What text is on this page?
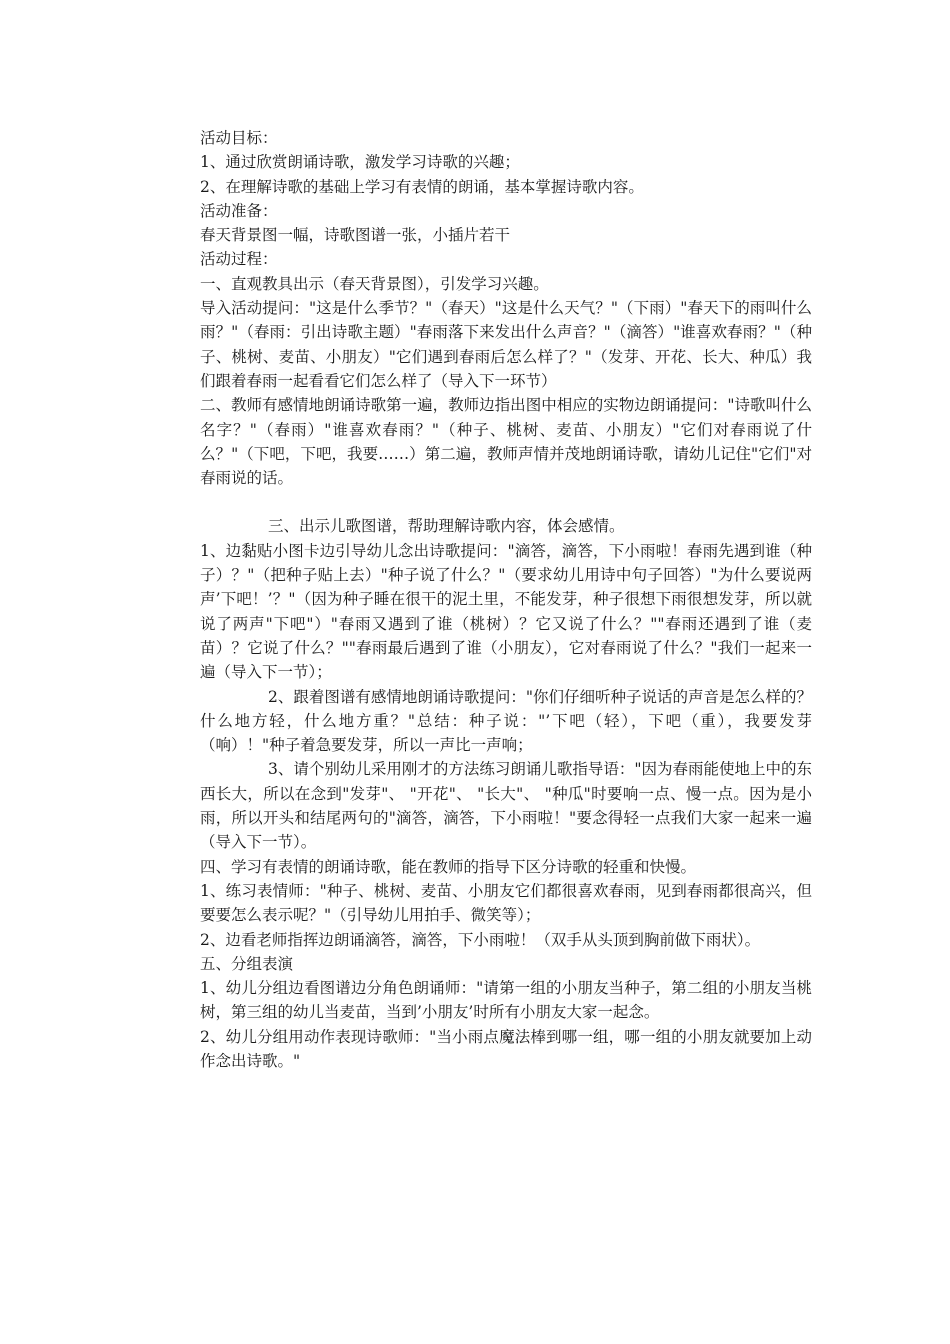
活动目标：

1、通过欣赏朗诵诗歌，激发学习诗歌的兴趣；

2、在理解诗歌的基础上学习有表情的朗诵，基本掌握诗歌内容。

活动准备：

春天背景图一幅，诗歌图谱一张，小插片若干

活动过程：

一、直观教具出示（春天背景图），引发学习兴趣。

导入活动提问："这是什么季节？"（春天）"这是什么天气？"（下雨）"春天下的雨叫什么雨？"（春雨：引出诗歌主题）"春雨落下来发出什么声音？"（滴答）"谁喜欢春雨？"（种子、桃树、麦苗、小朋友）"它们遇到春雨后怎么样了？"（发芽、开花、长大、种瓜）我们跟着春雨一起看看它们怎么样了（导入下一环节）

二、教师有感情地朗诵诗歌第一遍，教师边指出图中相应的实物边朗诵提问："诗歌叫什么名字？"（春雨）"谁喜欢春雨？"（种子、桃树、麦苗、小朋友）"它们对春雨说了什么？"（下吧，下吧，我要……）第二遍，教师声情并茂地朗诵诗歌，请幼儿记住"它们"对春雨说的话。

三、出示儿歌图谱，帮助理解诗歌内容，体会感情。

1、边黏贴小图卡边引导幼儿念出诗歌提问："滴答，滴答，下小雨啦！春雨先遇到谁（种子）？"（把种子贴上去）"种子说了什么？"（要求幼儿用诗中句子回答）"为什么要说两声’下吧！’？"（因为种子睡在很干的泥土里，不能发芽，种子很想下雨很想发芽，所以就说了两声"下吧"）"春雨又遇到了谁（桃树）？它又说了什么？""春雨还遇到了谁（麦苗）？它说了什么？""春雨最后遇到了谁（小朋友），它对春雨说了什么？"我们一起来一遍（导入下一节）；

2、跟着图谱有感情地朗诵诗歌提问："你们仔细听种子说话的声音是怎么样的？什么地方轻，什么地方重？"总结：种子说："’下吧（轻），下吧（重），我要发芽（响）！"种子着急要发芽，所以一声比一声响；

3、请个别幼儿采用刚才的方法练习朗诵儿歌指导语："因为春雨能使地上中的东西长大，所以在念到"发芽"、 "开花"、 "长大"、 "种瓜"时要响一点、慢一点。因为是小雨，所以开头和结尾两句的"滴答，滴答，下小雨啦！"要念得轻一点我们大家一起来一遍（导入下一节）。

四、学习有表情的朗诵诗歌，能在教师的指导下区分诗歌的轻重和快慢。

1、练习表情师："种子、桃树、麦苗、小朋友它们都很喜欢春雨，见到春雨都很高兴，但要要怎么表示呢？"（引导幼儿用拍手、微笑等）；

2、边看老师指挥边朗诵滴答，滴答，下小雨啦！（双手从头顶到胸前做下雨状）。

五、分组表演

1、幼儿分组边看图谱边分角色朗诵师："请第一组的小朋友当种子，第二组的小朋友当桃树，第三组的幼儿当麦苗，当到’小朋友’时所有小朋友大家一起念。

2、幼儿分组用动作表现诗歌师："当小雨点魔法棒到哪一组，哪一组的小朋友就要加上动作念出诗歌。"
